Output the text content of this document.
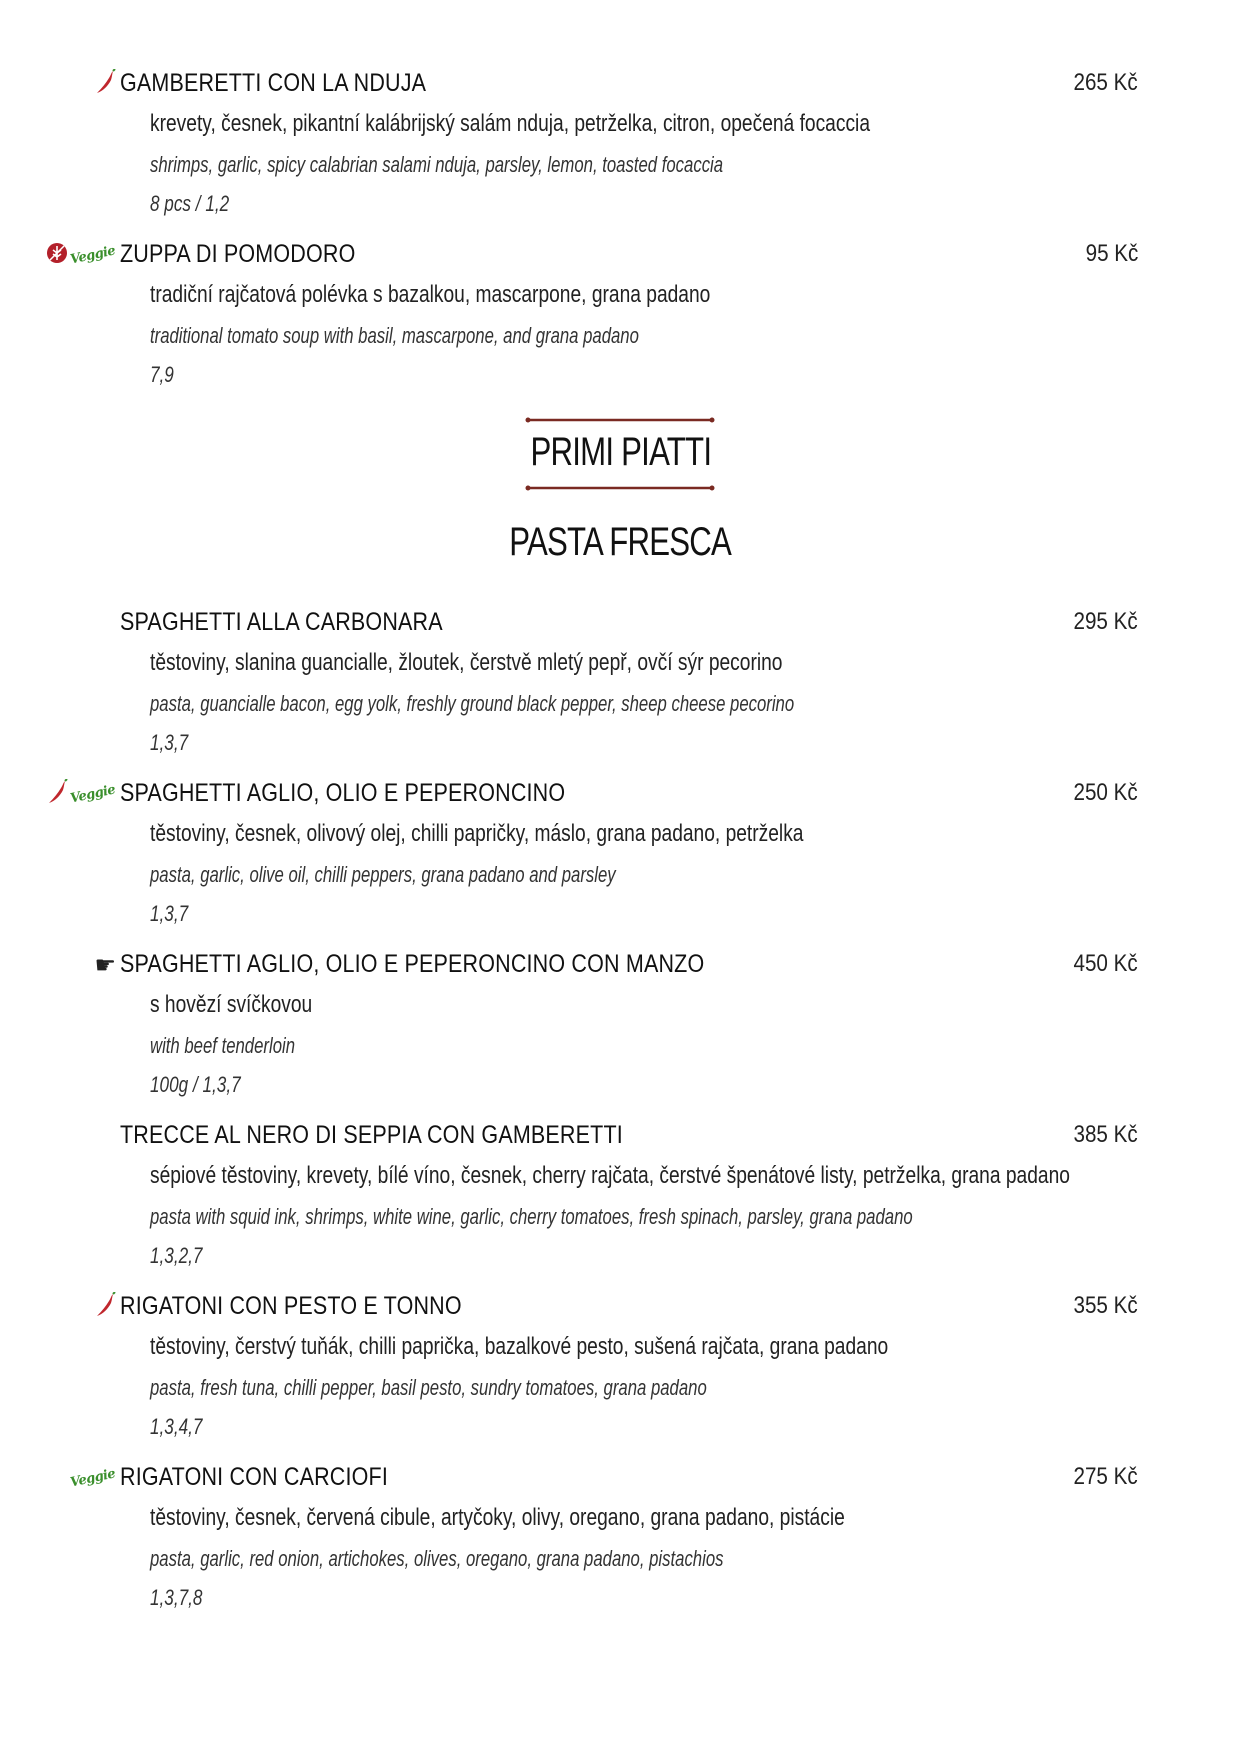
GAMBERETTI CON LA NDUJA	265 Kč
krevety, česnek, pikantní kalábrijský salám nduja, petrželka, citron, opečená focaccia
shrimps, garlic, spicy calabrian salami nduja, parsley, lemon, toasted focaccia
8 pcs / 1,2
Veggie ZUPPA DI POMODORO	95 Kč
tradiční rajčatová polévka s bazalkou, mascarpone, grana padano
traditional tomato soup with basil, mascarpone, and grana padano
7,9
PRIMI PIATTI
PASTA FRESCA
SPAGHETTI ALLA CARBONARA	295 Kč
těstoviny, slanina guancialle, žloutek, čerstvě mletý pepř, ovčí sýr pecorino
pasta, guancialle bacon, egg yolk, freshly ground black pepper, sheep cheese pecorino
1,3,7
Veggie SPAGHETTI AGLIO, OLIO E PEPERONCINO	250 Kč
těstoviny, česnek, olivový olej, chilli papričky, máslo, grana padano, petrželka
pasta, garlic, olive oil, chilli peppers, grana padano and parsley
1,3,7
☛ SPAGHETTI AGLIO, OLIO E PEPERONCINO CON MANZO	450 Kč
s hovězí svíčkovou
with beef tenderloin
100g / 1,3,7
TRECCE AL NERO DI SEPPIA CON GAMBERETTI	385 Kč
sépiové těstoviny, krevety, bílé víno, česnek, cherry rajčata, čerstvé špenátové listy, petrželka, grana padano
pasta with squid ink, shrimps, white wine, garlic, cherry tomatoes, fresh spinach, parsley, grana padano
1,3,2,7
RIGATONI CON PESTO E TONNO	355 Kč
těstoviny, čerstvý tuňák, chilli paprička, bazalkové pesto, sušená rajčata, grana padano
pasta, fresh tuna, chilli pepper, basil pesto, sundry tomatoes, grana padano
1,3,4,7
Veggie RIGATONI CON CARCIOFI	275 Kč
těstoviny, česnek, červená cibule, artyčoky, olivy, oregano, grana padano, pistácie
pasta, garlic, red onion, artichokes, olives, oregano, grana padano, pistachios
1,3,7,8
